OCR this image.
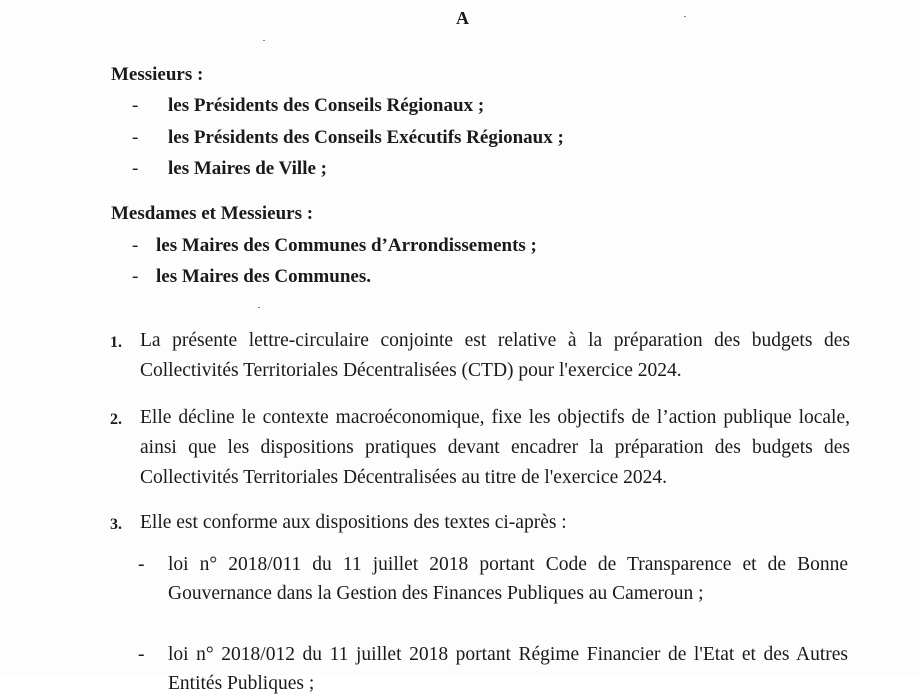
A
Messieurs :
- les Présidents des Conseils Régionaux ;
- les Présidents des Conseils Exécutifs Régionaux ;
- les Maires de Ville ;
Mesdames et Messieurs :
- les Maires des Communes d’Arrondissements ;
- les Maires des Communes.
1. La présente lettre-circulaire conjointe est relative à la préparation des budgets des Collectivités Territoriales Décentralisées (CTD) pour l'exercice 2024.
2. Elle décline le contexte macroéconomique, fixe les objectifs de l’action publique locale, ainsi que les dispositions pratiques devant encadrer la préparation des budgets des Collectivités Territoriales Décentralisées au titre de l'exercice 2024.
3. Elle est conforme aux dispositions des textes ci-après :
- loi n° 2018/011 du 11 juillet 2018 portant Code de Transparence et de Bonne Gouvernance dans la Gestion des Finances Publiques au Cameroun ;
- loi n° 2018/012 du 11 juillet 2018 portant Régime Financier de l'Etat et des Autres Entités Publiques ;
